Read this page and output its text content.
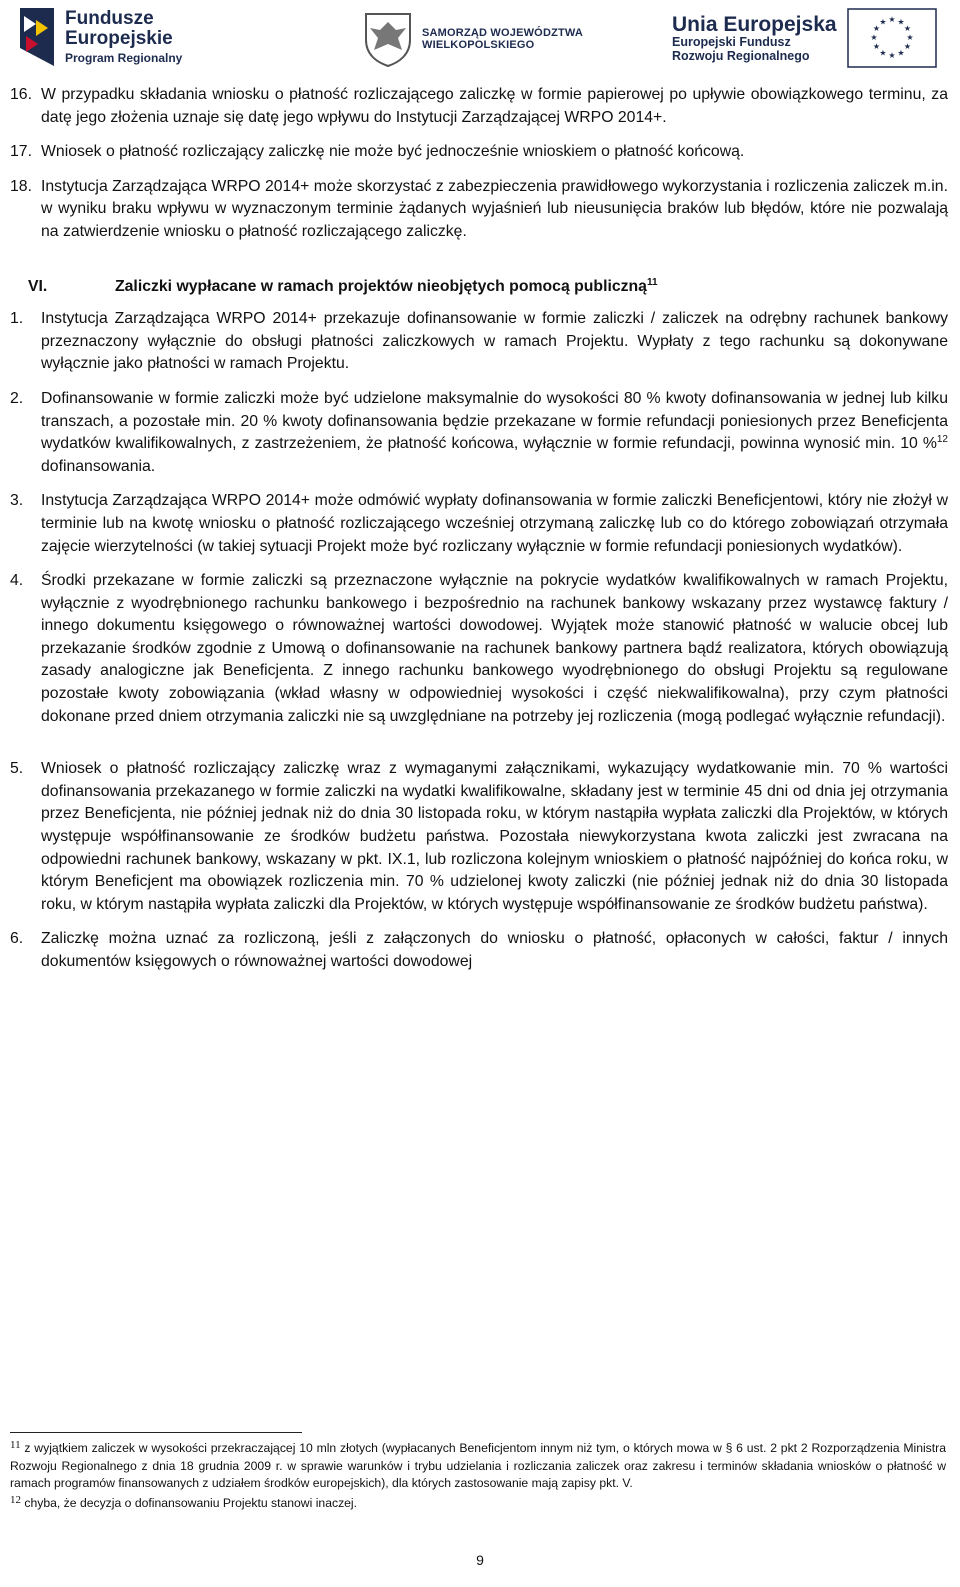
Fundusze
Europejskie
Program Regionalny
SAMORZĄD WOJEWÓDZTWA
WIELKOPOLSKIEGO
Unia Europejska
Europejski Fundusz
Rozwoju Regionalnego
★ ★
★
★
★
★
★
★
★
★
★
★
16. W przypadku składania wniosku o płatność rozliczającego zaliczkę w formie papierowej po upływie obowiązkowego terminu, za datę jego złożenia uznaje się datę jego wpływu do Instytucji Zarządzającej WRPO 2014+.
17. Wniosek o płatność rozliczający zaliczkę nie może być jednocześnie wnioskiem o płatność końcową.
18. Instytucja Zarządzająca WRPO 2014+ może skorzystać z zabezpieczenia prawidłowego wykorzystania i rozliczenia zaliczek m.in. w wyniku braku wpływu w wyznaczonym terminie żądanych wyjaśnień lub nieusunięcia braków lub błędów, które nie pozwalają na zatwierdzenie wniosku o płatność rozliczającego zaliczkę.
VI.	Zaliczki wypłacane w ramach projektów nieobjętych pomocą publiczną$^{11}$
1.	Instytucja Zarządzająca WRPO 2014+ przekazuje dofinansowanie w formie zaliczki / zaliczek na odrębny rachunek bankowy przeznaczony wyłącznie do obsługi płatności zaliczkowych w ramach Projektu. Wypłaty z tego rachunku są dokonywane wyłącznie jako płatności w ramach Projektu.
2.	Dofinansowanie w formie zaliczki może być udzielone maksymalnie do wysokości 80 % kwoty dofinansowania w jednej lub kilku transzach, a pozostałe min. 20 % kwoty dofinansowania będzie przekazane w formie refundacji poniesionych przez Beneficjenta wydatków kwalifikowalnych, z zastrzeżeniem, że płatność końcowa, wyłącznie w formie refundacji, powinna wynosić min. 10 %$^{12}$ dofinansowania.
3.	Instytucja Zarządzająca WRPO 2014+ może odmówić wypłaty dofinansowania w formie zaliczki Beneficjentowi, który nie złożył w terminie lub na kwotę wniosku o płatność rozliczającego wcześniej otrzymaną zaliczkę lub co do którego zobowiązań otrzymała zajęcie wierzytelności (w takiej sytuacji Projekt może być rozliczany wyłącznie w formie refundacji poniesionych wydatków).
4.	Środki przekazane w formie zaliczki są przeznaczone wyłącznie na pokrycie wydatków kwalifikowalnych w ramach Projektu, wyłącznie z wyodrębnionego rachunku bankowego i bezpośrednio na rachunek bankowy wskazany przez wystawcę faktury / innego dokumentu księgowego o równoważnej wartości dowodowej. Wyjątek może stanowić płatność w walucie obcej lub przekazanie środków zgodnie z Umową o dofinansowanie na rachunek bankowy partnera bądź realizatora, których obowiązują zasady analogiczne jak Beneficjenta. Z innego rachunku bankowego wyodrębnionego do obsługi Projektu są regulowane pozostałe kwoty zobowiązania (wkład własny w odpowiedniej wysokości i część niekwalifikowalna), przy czym płatności dokonane przed dniem otrzymania zaliczki nie są uwzględniane na potrzeby jej rozliczenia (mogą podlegać wyłącznie refundacji).
5.	Wniosek o płatność rozliczający zaliczkę wraz z wymaganymi załącznikami, wykazujący wydatkowanie min. 70 % wartości dofinansowania przekazanego w formie zaliczki na wydatki kwalifikowalne, składany jest w terminie 45 dni od dnia jej otrzymania przez Beneficjenta, nie później jednak niż do dnia 30 listopada roku, w którym nastąpiła wypłata zaliczki dla Projektów, w których występuje współfinansowanie ze środków budżetu państwa. Pozostała niewykorzystana kwota zaliczki jest zwracana na odpowiedni rachunek bankowy, wskazany w pkt. IX.1, lub rozliczona kolejnym wnioskiem o płatność najpóźniej do końca roku, w którym Beneficjent ma obowiązek rozliczenia min. 70 % udzielonej kwoty zaliczki (nie później jednak niż do dnia 30 listopada roku, w którym nastąpiła wypłata zaliczki dla Projektów, w których występuje współfinansowanie ze środków budżetu państwa).
6.	Zaliczkę można uznać za rozliczoną, jeśli z załączonych do wniosku o płatność, opłaconych w całości, faktur / innych dokumentów księgowych o równoważnej wartości dowodowej
$^{11}$ z wyjątkiem zaliczek w wysokości przekraczającej 10 mln złotych (wypłacanych Beneficjentom innym niż tym, o których mowa w § 6 ust. 2 pkt 2 Rozporządzenia Ministra Rozwoju Regionalnego z dnia 18 grudnia 2009 r. w sprawie warunków i trybu udzielania i rozliczania zaliczek oraz zakresu i terminów składania wniosków o płatność w ramach programów finansowanych z udziałem środków europejskich), dla których zastosowanie mają zapisy pkt. V.
$^{12}$ chyba, że decyzja o dofinansowaniu Projektu stanowi inaczej.
9
